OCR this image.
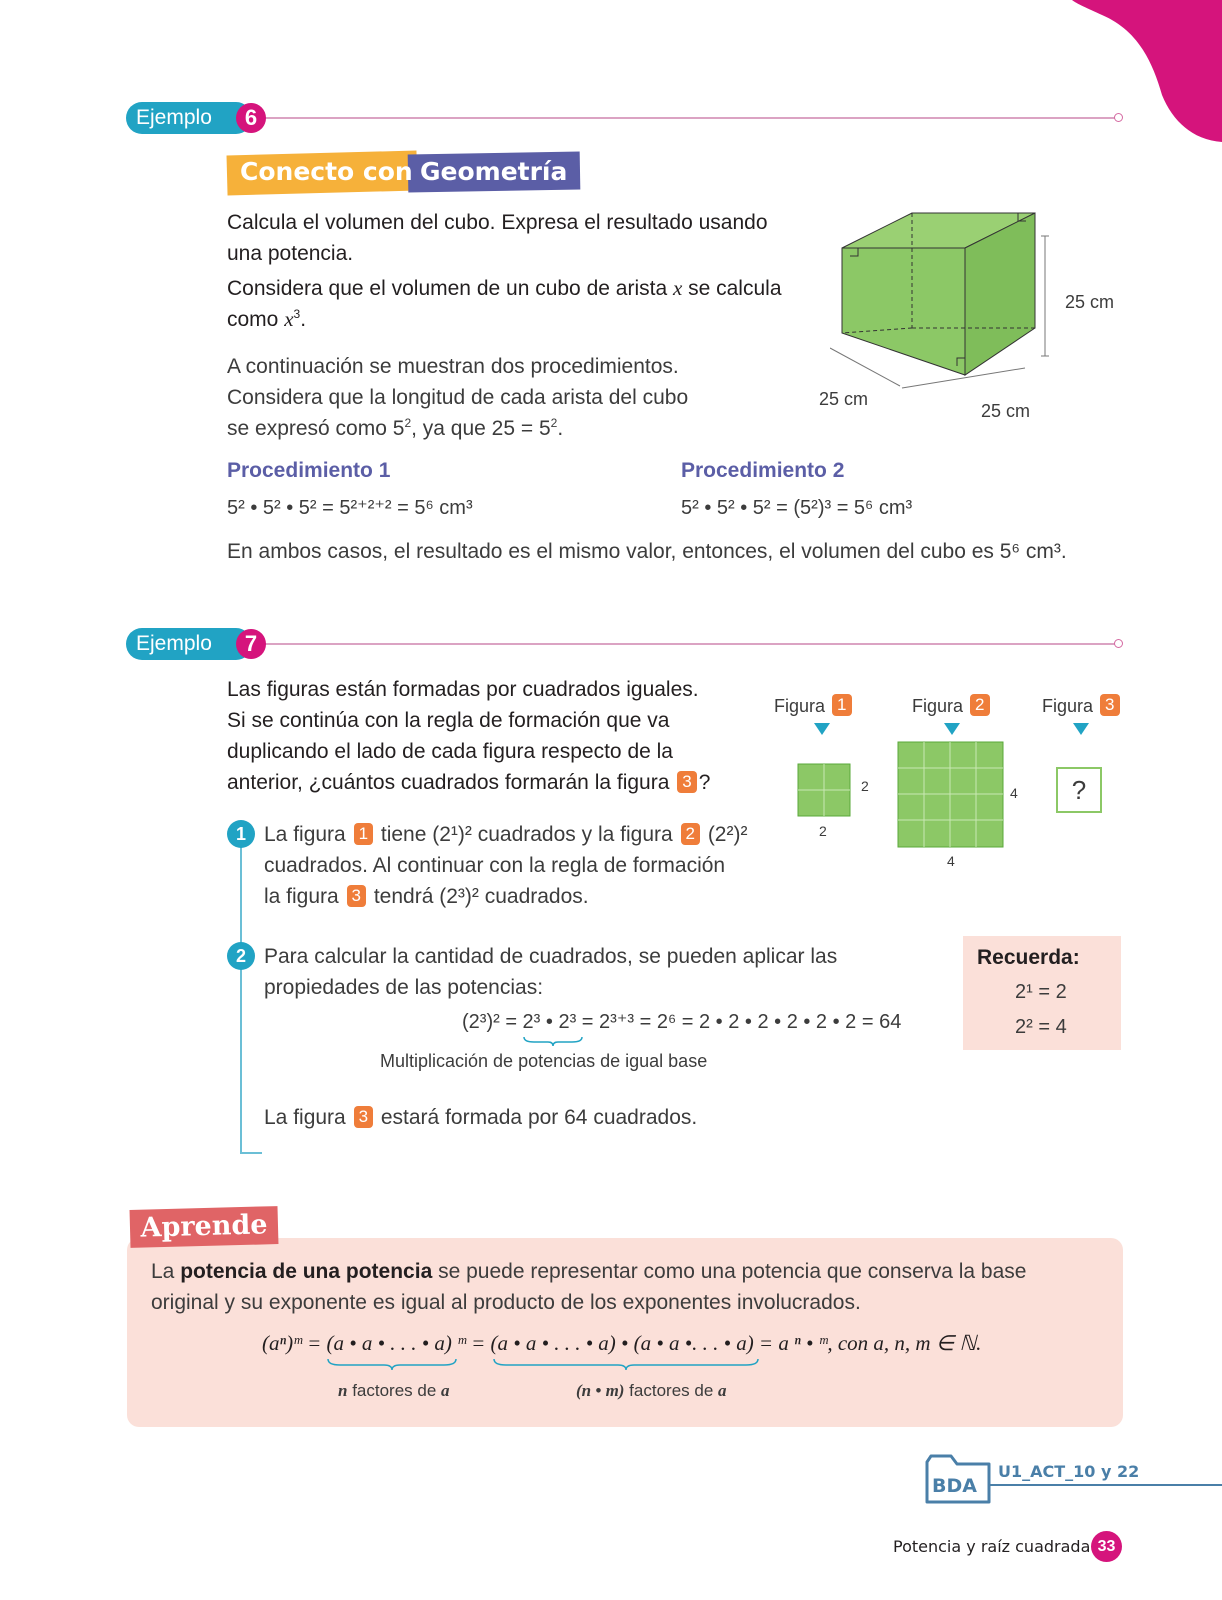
Ejemplo	6
Conecto con Geometría
Calcula el volumen del cubo. Expresa el resultado usando
una potencia.
Considera que el volumen de un cubo de arista x se calcula
como $x^3$.
A continuación se muestran dos procedimientos.
Considera que la longitud de cada arista del cubo
se expresó como $5^2$, ya que $25 = 5^2$.
Procedimiento 1	Procedimiento 2
5² • 5² • 5² = 5²⁺²⁺² = 5⁶ cm³	5² • 5² • 5² = (5²)³ = 5⁶ cm³
En ambos casos, el resultado es el mismo valor, entonces, el volumen del cubo es 5⁶ cm³.
25 cm
25 cm
25 cm
Ejemplo	7
Las figuras están formadas por cuadrados iguales.
Si se continúa con la regla de formación que va
duplicando el lado de cada figura respecto de la
anterior, ¿cuántos cuadrados formarán la figura 3 ?
Figura 1	Figura 2	Figura 3
2
2
4
4
?
1 La figura 1 tiene (2¹)² cuadrados y la figura 2 (2²)²
cuadrados. Al continuar con la regla de formación
la figura 3 tendrá (2³)² cuadrados.
2 Para calcular la cantidad de cuadrados, se pueden aplicar las
propiedades de las potencias:
(2³)² = 2³ • 2³ = 2³⁺³ = 2⁶ = 2 • 2 • 2 • 2 • 2 • 2 = 64
Multiplicación de potencias de igual base
La figura 3 estará formada por 64 cuadrados.
Recuerda:
2¹ = 2
2² = 4
Aprende
La potencia de una potencia se puede representar como una potencia que conserva la base
original y su exponente es igual al producto de los exponentes involucrados.
(aⁿ)ᵐ = (a • a • . . . • a) ᵐ = (a • a • . . . • a) • (a • a •. . . • a) = a ⁿ • ᵐ, con a, n, m ∈ ℕ.
n factores de a	(n • m) factores de a
BDA
U1_ACT_10 y 22
Potencia y raíz cuadrada 33
